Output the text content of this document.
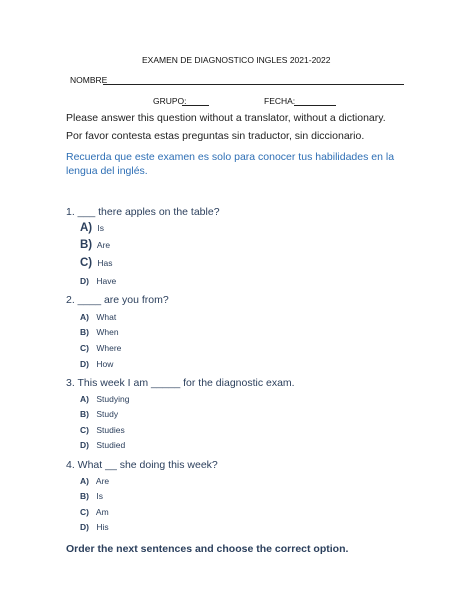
EXAMEN DE DIAGNOSTICO INGLES 2021-2022
NOMBRE
GRUPO:	FECHA:
Please answer this question without a translator, without a dictionary.
Por favor contesta estas preguntas sin traductor, sin diccionario.
Recuerda que este examen es solo para conocer tus habilidades en la lengua del inglés.
1. ___ there apples on the table?
A) Is
B) Are
C) Has
D) Have
2. ____ are you from?
A) What
B) When
C) Where
D) How
3. This week I am _____ for the diagnostic exam.
A) Studying
B) Study
C) Studies
D) Studied
4. What __ she doing this week?
A) Are
B) Is
C) Am
D) His
Order the next sentences and choose the correct option.
